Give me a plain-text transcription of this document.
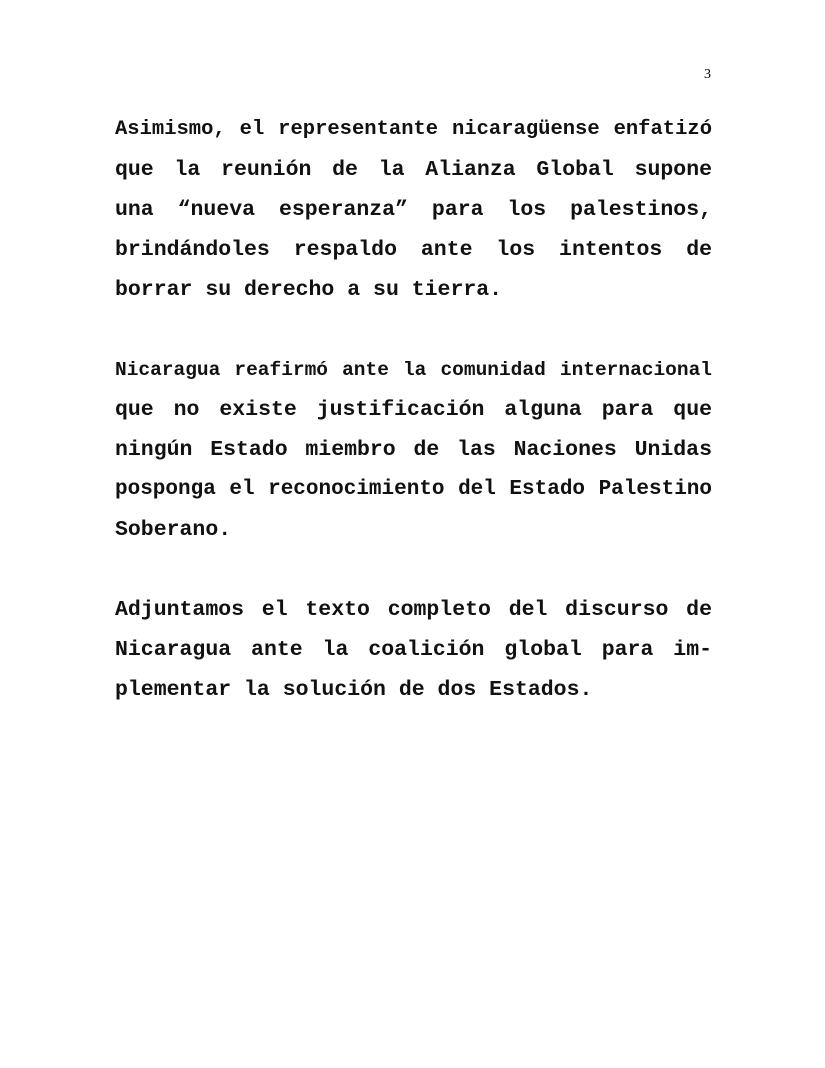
3
Asimismo, el representante nicaragüense enfatizó
que la reunión de la Alianza Global supone
una “nueva esperanza” para los palestinos,
brindándoles respaldo ante los intentos de
borrar su derecho a su tierra.
Nicaragua reafirmó ante la comunidad internacional
que no existe justificación alguna para que
ningún Estado miembro de las Naciones Unidas
posponga el reconocimiento del Estado Palestino
Soberano.
Adjuntamos el texto completo del discurso de
Nicaragua ante la coalición global para im-
plementar la solución de dos Estados.
